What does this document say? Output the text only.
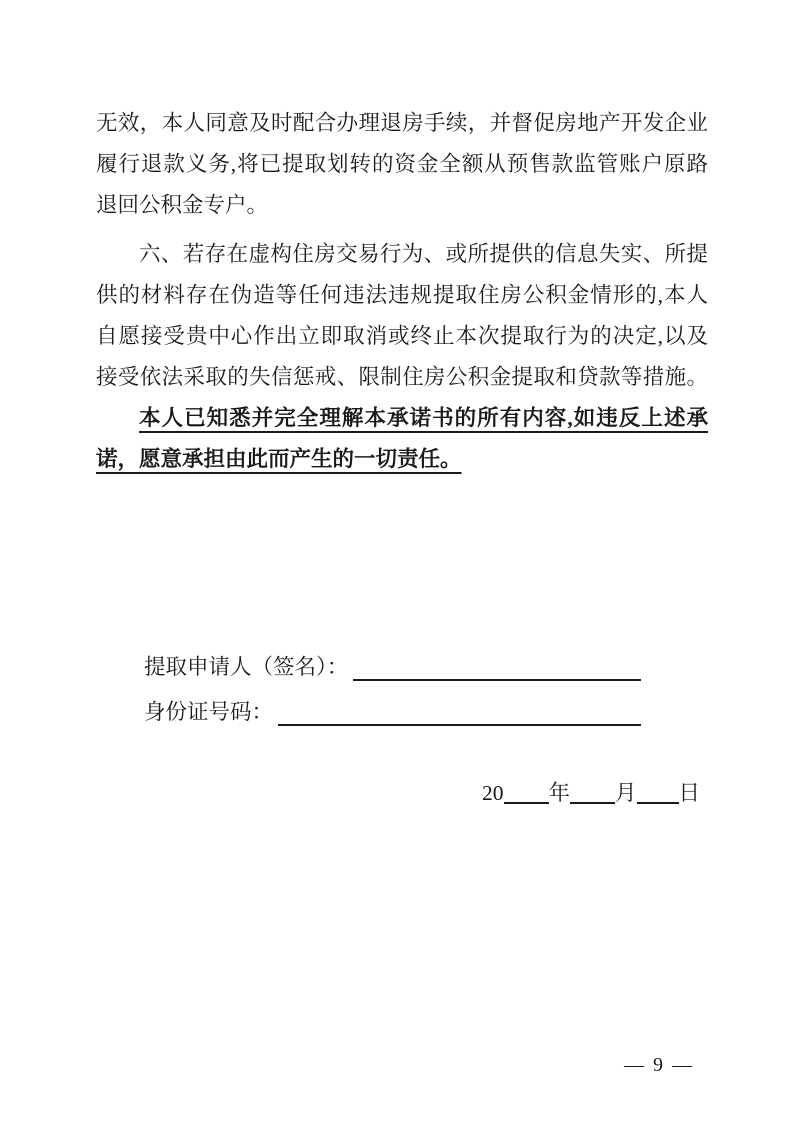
无效，本人同意及时配合办理退房手续，并督促房地产开发企业
履行退款义务,将已提取划转的资金全额从预售款监管账户原路
退回公积金专户。
六、若存在虚构住房交易行为、或所提供的信息失实、所提
供的材料存在伪造等任何违法违规提取住房公积金情形的,本人
自愿接受贵中心作出立即取消或终止本次提取行为的决定,以及
接受依法采取的失信惩戒、限制住房公积金提取和贷款等措施。
本人已知悉并完全理解本承诺书的所有内容,如违反上述承
诺，愿意承担由此而产生的一切责任。
提取申请人（签名）：
身份证号码：
20 年 月 日
— 9 —
